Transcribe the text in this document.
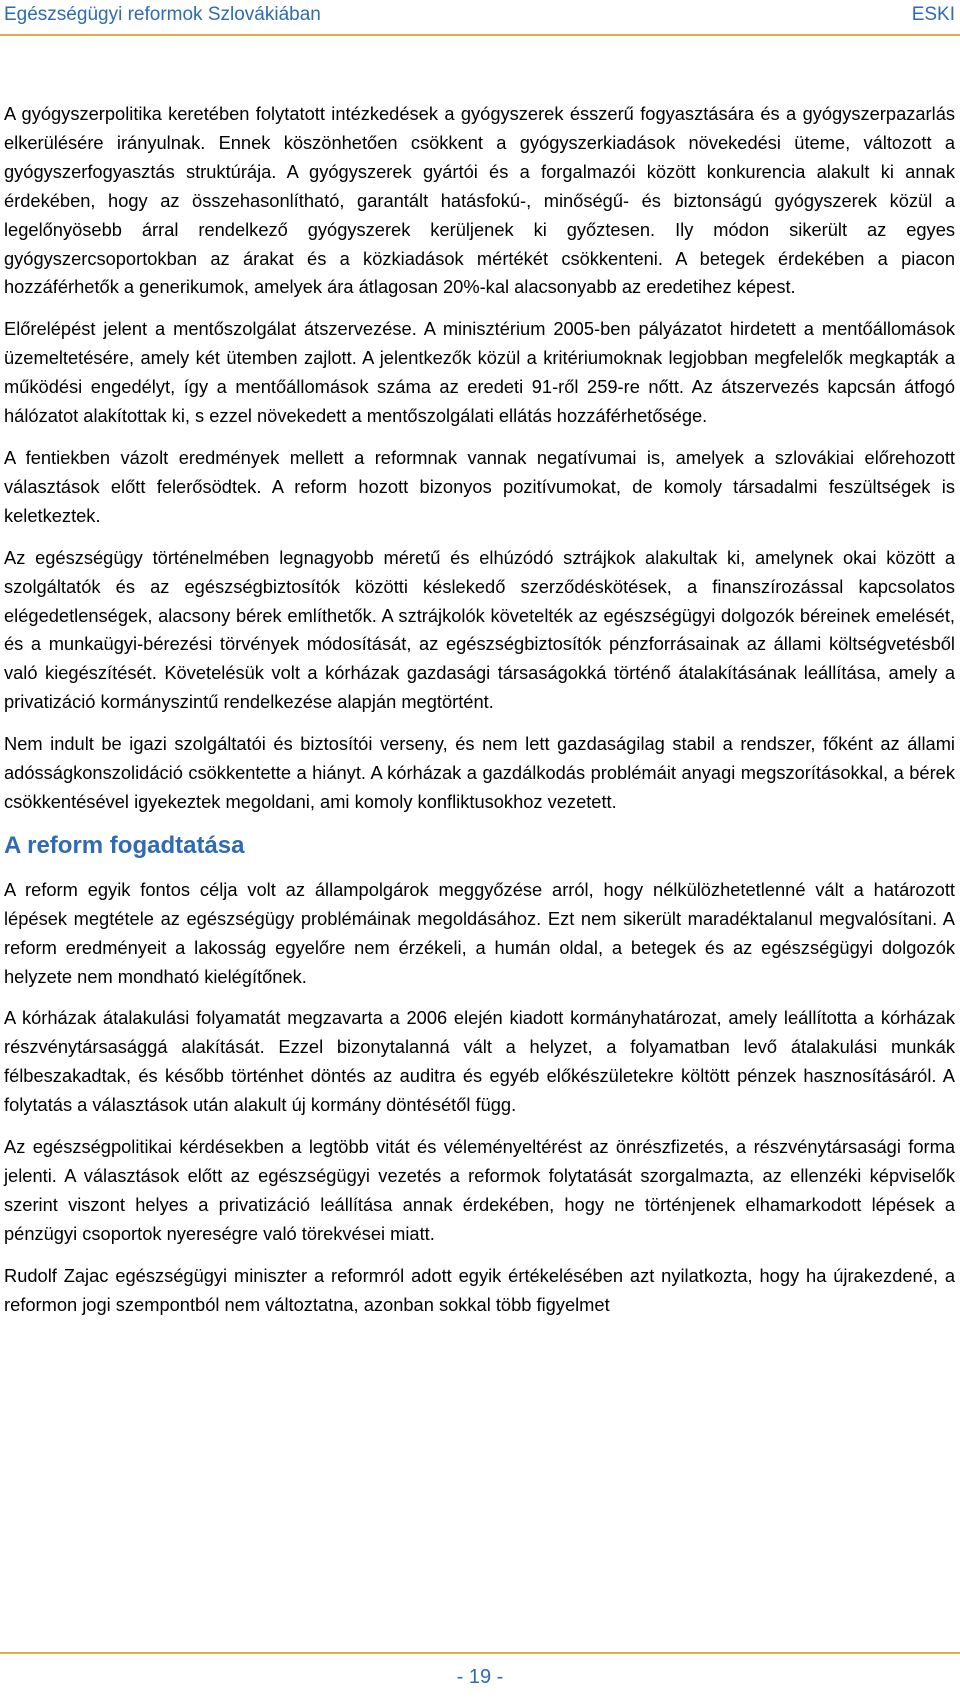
Egészségügyi reformok Szlovákiában	ESKI

A gyógyszerpolitika keretében folytatott intézkedések a gyógyszerek ésszerű fogyasztására és a gyógyszerpazarlás elkerülésére irányulnak. Ennek köszönhetően csökkent a gyógyszerkiadások növekedési üteme, változott a gyógyszerfogyasztás struktúrája. A gyógyszerek gyártói és a forgalmazói között konkurencia alakult ki annak érdekében, hogy az összehasonlítható, garantált hatásfokú-, minőségű- és biztonságú gyógyszerek közül a legelőnyösebb árral rendelkező gyógyszerek kerüljenek ki győztesen. Ily módon sikerült az egyes gyógyszercsoportokban az árakat és a közkiadások mértékét csökkenteni. A betegek érdekében a piacon hozzáférhetők a generikumok, amelyek ára átlagosan 20%-kal alacsonyabb az eredetihez képest.

Előrelépést jelent a mentőszolgálat átszervezése. A minisztérium 2005-ben pályázatot hirdetett a mentőállomások üzemeltetésére, amely két ütemben zajlott. A jelentkezők közül a kritériumoknak legjobban megfelelők megkapták a működési engedélyt, így a mentőállomások száma az eredeti 91-ről 259-re nőtt. Az átszervezés kapcsán átfogó hálózatot alakítottak ki, s ezzel növekedett a mentőszolgálati ellátás hozzáférhetősége.

A fentiekben vázolt eredmények mellett a reformnak vannak negatívumai is, amelyek a szlovákiai előrehozott választások előtt felerősödtek. A reform hozott bizonyos pozitívumokat, de komoly társadalmi feszültségek is keletkeztek.

Az egészségügy történelmében legnagyobb méretű és elhúzódó sztrájkok alakultak ki, amelynek okai között a szolgáltatók és az egészségbiztosítók közötti késlekedő szerződéskötések, a finanszírozással kapcsolatos elégedetlenségek, alacsony bérek említhetők. A sztrájkolók követelték az egészségügyi dolgozók béreinek emelését, és a munkaügyi-bérezési törvények módosítását, az egészségbiztosítók pénzforrásainak az állami költségvetésből való kiegészítését. Követelésük volt a kórházak gazdasági társaságokká történő átalakításának leállítása, amely a privatizáció kormányszintű rendelkezése alapján megtörtént.

Nem indult be igazi szolgáltatói és biztosítói verseny, és nem lett gazdaságilag stabil a rendszer, főként az állami adósságkonszolidáció csökkentette a hiányt. A kórházak a gazdálkodás problémáit anyagi megszorításokkal, a bérek csökkentésével igyekeztek megoldani, ami komoly konfliktusokhoz vezetett.

A reform fogadtatása

A reform egyik fontos célja volt az állampolgárok meggyőzése arról, hogy nélkülözhetetlenné vált a határozott lépések megtétele az egészségügy problémáinak megoldásához. Ezt nem sikerült maradéktalanul megvalósítani. A reform eredményeit a lakosság egyelőre nem érzékeli, a humán oldal, a betegek és az egészségügyi dolgozók helyzete nem mondható kielégítőnek.

A kórházak átalakulási folyamatát megzavarta a 2006 elején kiadott kormányhatározat, amely leállította a kórházak részvénytársasággá alakítását. Ezzel bizonytalanná vált a helyzet, a folyamatban levő átalakulási munkák félbeszakadtak, és később történhet döntés az auditra és egyéb előkészületekre költött pénzek hasznosításáról. A folytatás a választások után alakult új kormány döntésétől függ.

Az egészségpolitikai kérdésekben a legtöbb vitát és véleményeltérést az önrészfizetés, a részvénytársasági forma jelenti. A választások előtt az egészségügyi vezetés a reformok folytatását szorgalmazta, az ellenzéki képviselők szerint viszont helyes a privatizáció leállítása annak érdekében, hogy ne történjenek elhamarkodott lépések a pénzügyi csoportok nyereségre való törekvései miatt.

Rudolf Zajac egészségügyi miniszter a reformról adott egyik értékelésében azt nyilatkozta, hogy ha újrakezdené, a reformon jogi szempontból nem változtatna, azonban sokkal több figyelmet

- 19 -
